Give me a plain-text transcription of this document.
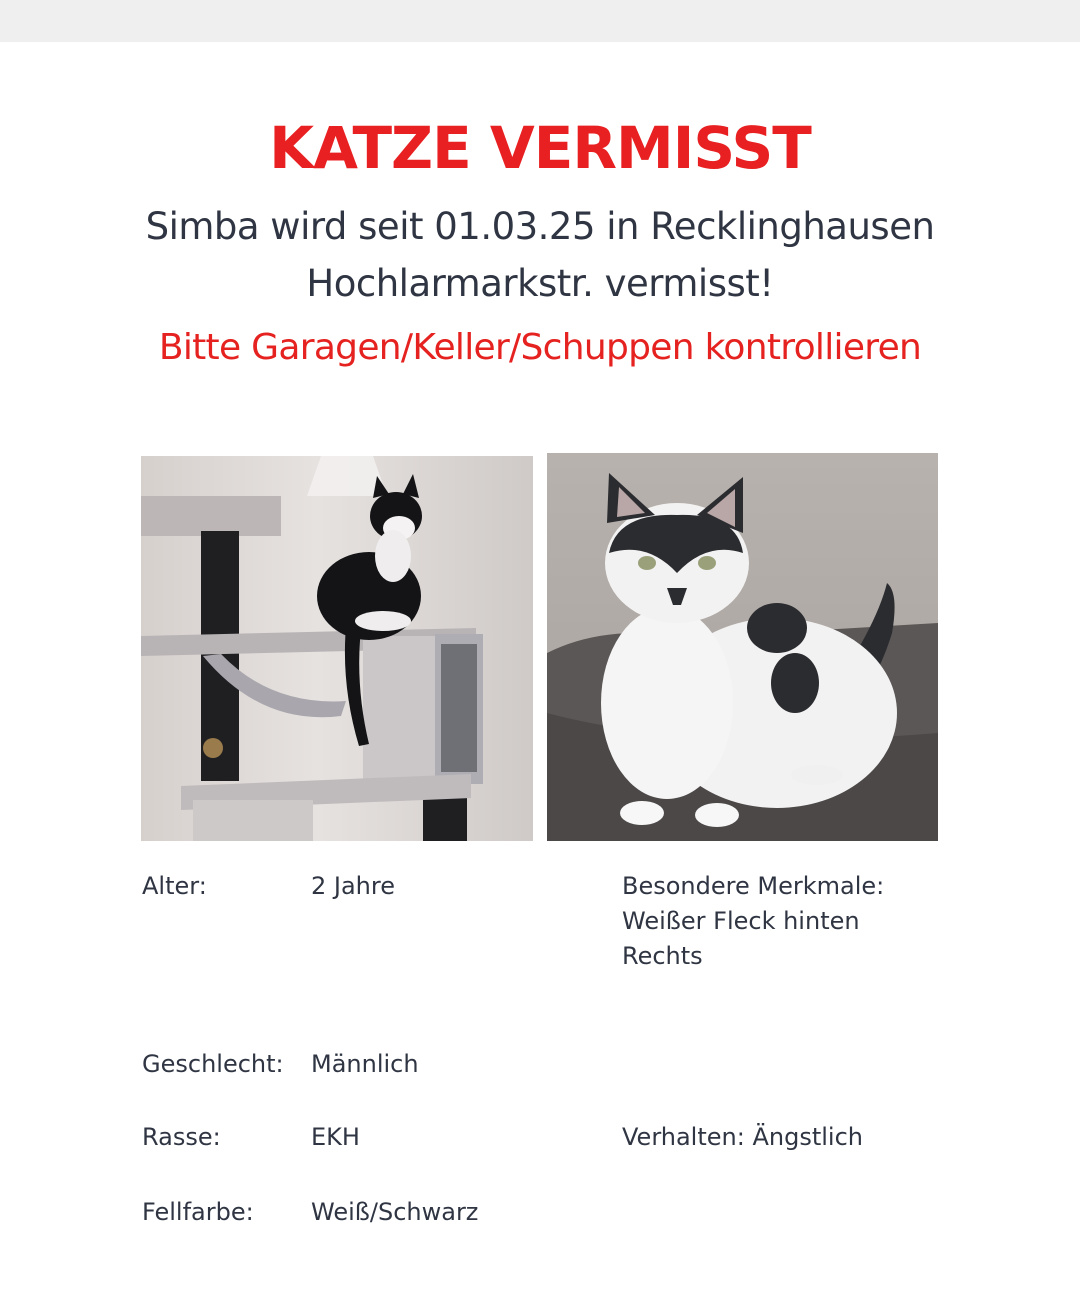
KATZE VERMISST
Simba wird seit 01.03.25 in Recklinghausen
Hochlarmarkstr. vermisst!
Bitte Garagen/Keller/Schuppen kontrollieren
Alter:	2 Jahre	Besondere Merkmale:
Weißer Fleck hinten
Rechts
Geschlecht: Männlich
Rasse:	EKH	Verhalten: Ängstlich
Fellfarbe: Weiß/Schwarz
